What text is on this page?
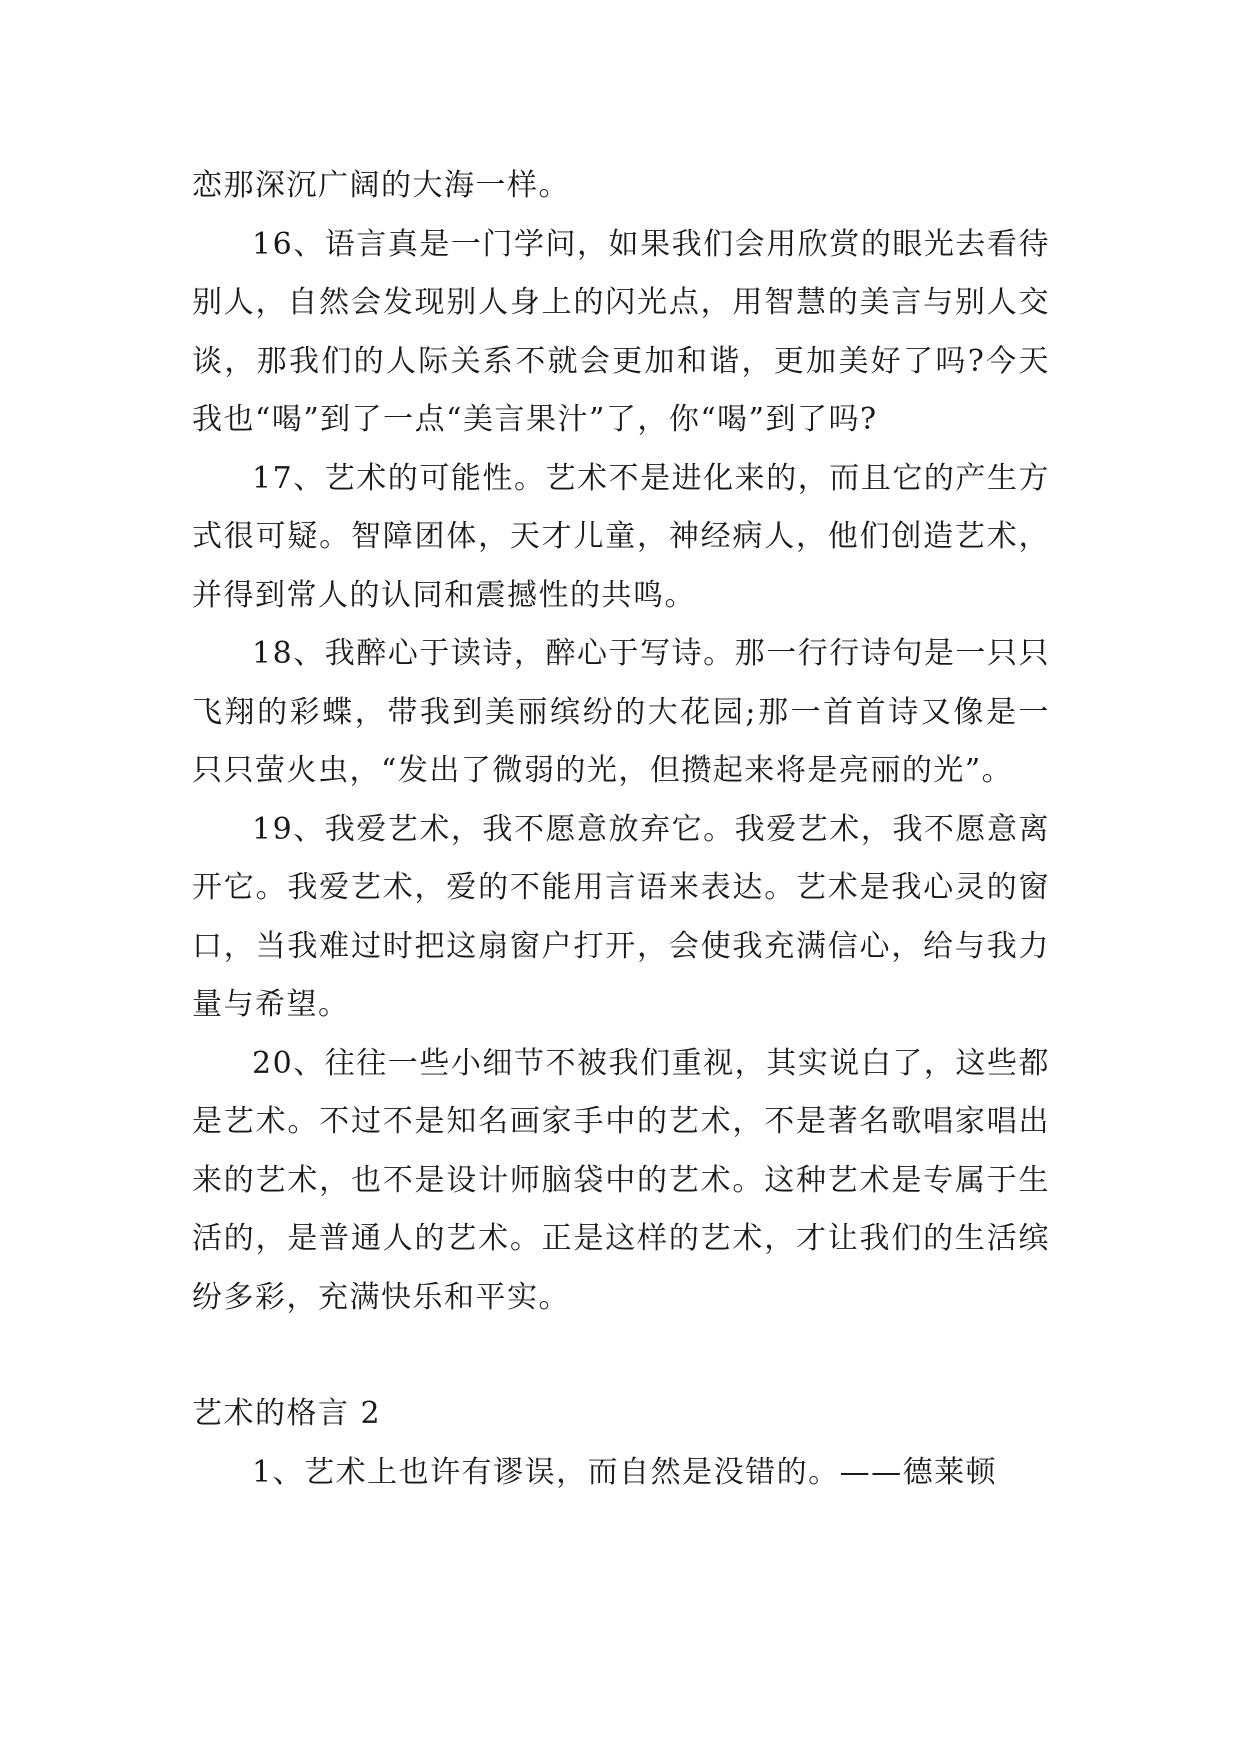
恋那深沉广阔的大海一样。

16、语言真是一门学问，如果我们会用欣赏的眼光去看待别人，自然会发现别人身上的闪光点，用智慧的美言与别人交谈，那我们的人际关系不就会更加和谐，更加美好了吗?今天我也“喝”到了一点“美言果汁”了，你“喝”到了吗?

17、艺术的可能性。艺术不是进化来的，而且它的产生方式很可疑。智障团体，天才儿童，神经病人，他们创造艺术，并得到常人的认同和震撼性的共鸣。

18、我醉心于读诗，醉心于写诗。那一行行诗句是一只只飞翔的彩蝶，带我到美丽缤纷的大花园;那一首首诗又像是一只只萤火虫，“发出了微弱的光，但攒起来将是亮丽的光”。

19、我爱艺术，我不愿意放弃它。我爱艺术，我不愿意离开它。我爱艺术，爱的不能用言语来表达。艺术是我心灵的窗口，当我难过时把这扇窗户打开，会使我充满信心，给与我力量与希望。

20、往往一些小细节不被我们重视，其实说白了，这些都是艺术。不过不是知名画家手中的艺术，不是著名歌唱家唱出来的艺术，也不是设计师脑袋中的艺术。这种艺术是专属于生活的，是普通人的艺术。正是这样的艺术，才让我们的生活缤纷多彩，充满快乐和平实。

艺术的格言 2

1、艺术上也许有谬误，而自然是没错的。——德莱顿
